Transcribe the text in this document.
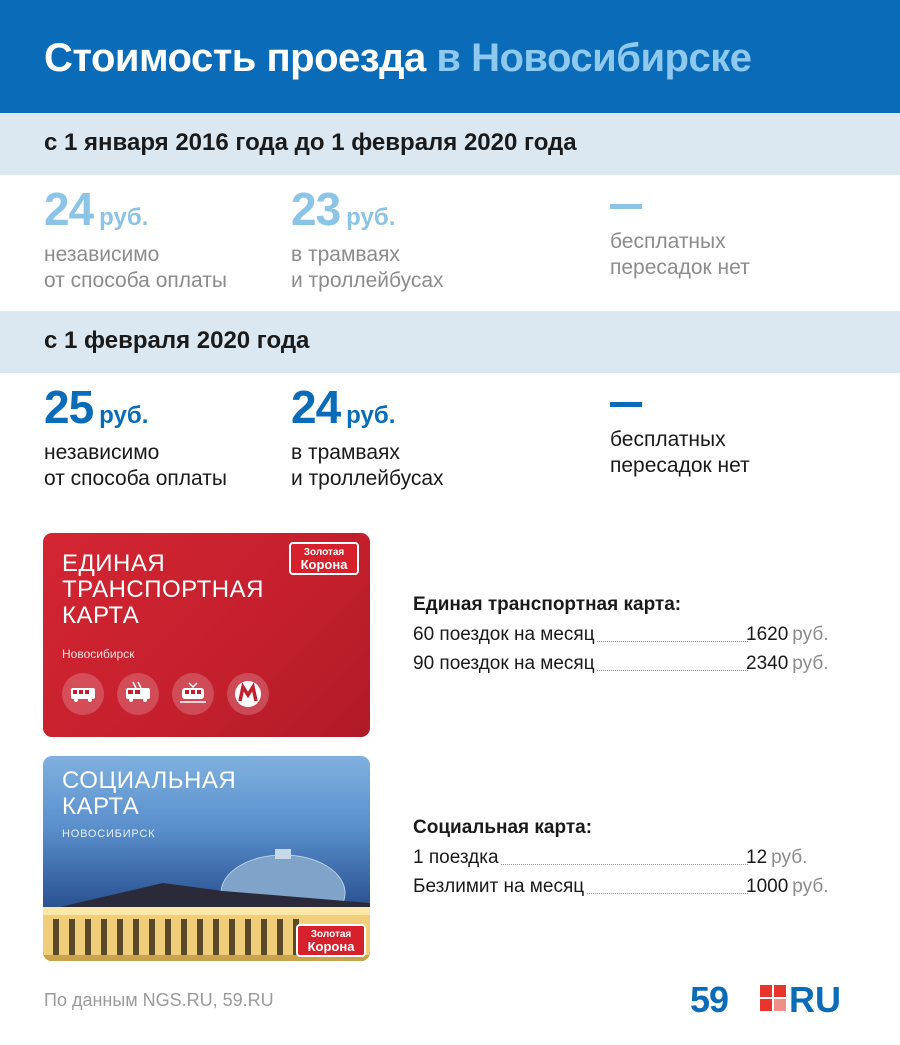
Стоимость проезда в Новосибирске
с 1 января 2016 года до 1 февраля 2020 года
24 руб.
независимо
от способа оплаты
23 руб.
в трамваях
и троллейбусах
бесплатных
пересадок нет
с 1 февраля 2020 года
25 руб.
независимо
от способа оплаты
24 руб.
в трамваях
и троллейбусах
бесплатных
пересадок нет
ЕДИНАЯ
ТРАНСПОРТНАЯ
КАРТА
Новосибирск
Золотая
Корона
СОЦИАЛЬНАЯ
КАРТА
НОВОСИБИРСК
Золотая
Корона
Единая транспортная карта:
60 поездок на месяц	1620 руб.
90 поездок на месяц	2340 руб.
Социальная карта:
1 поездка	12 руб.
Безлимит на месяц	1000 руб.
По данным NGS.RU, 59.RU	59 RU
